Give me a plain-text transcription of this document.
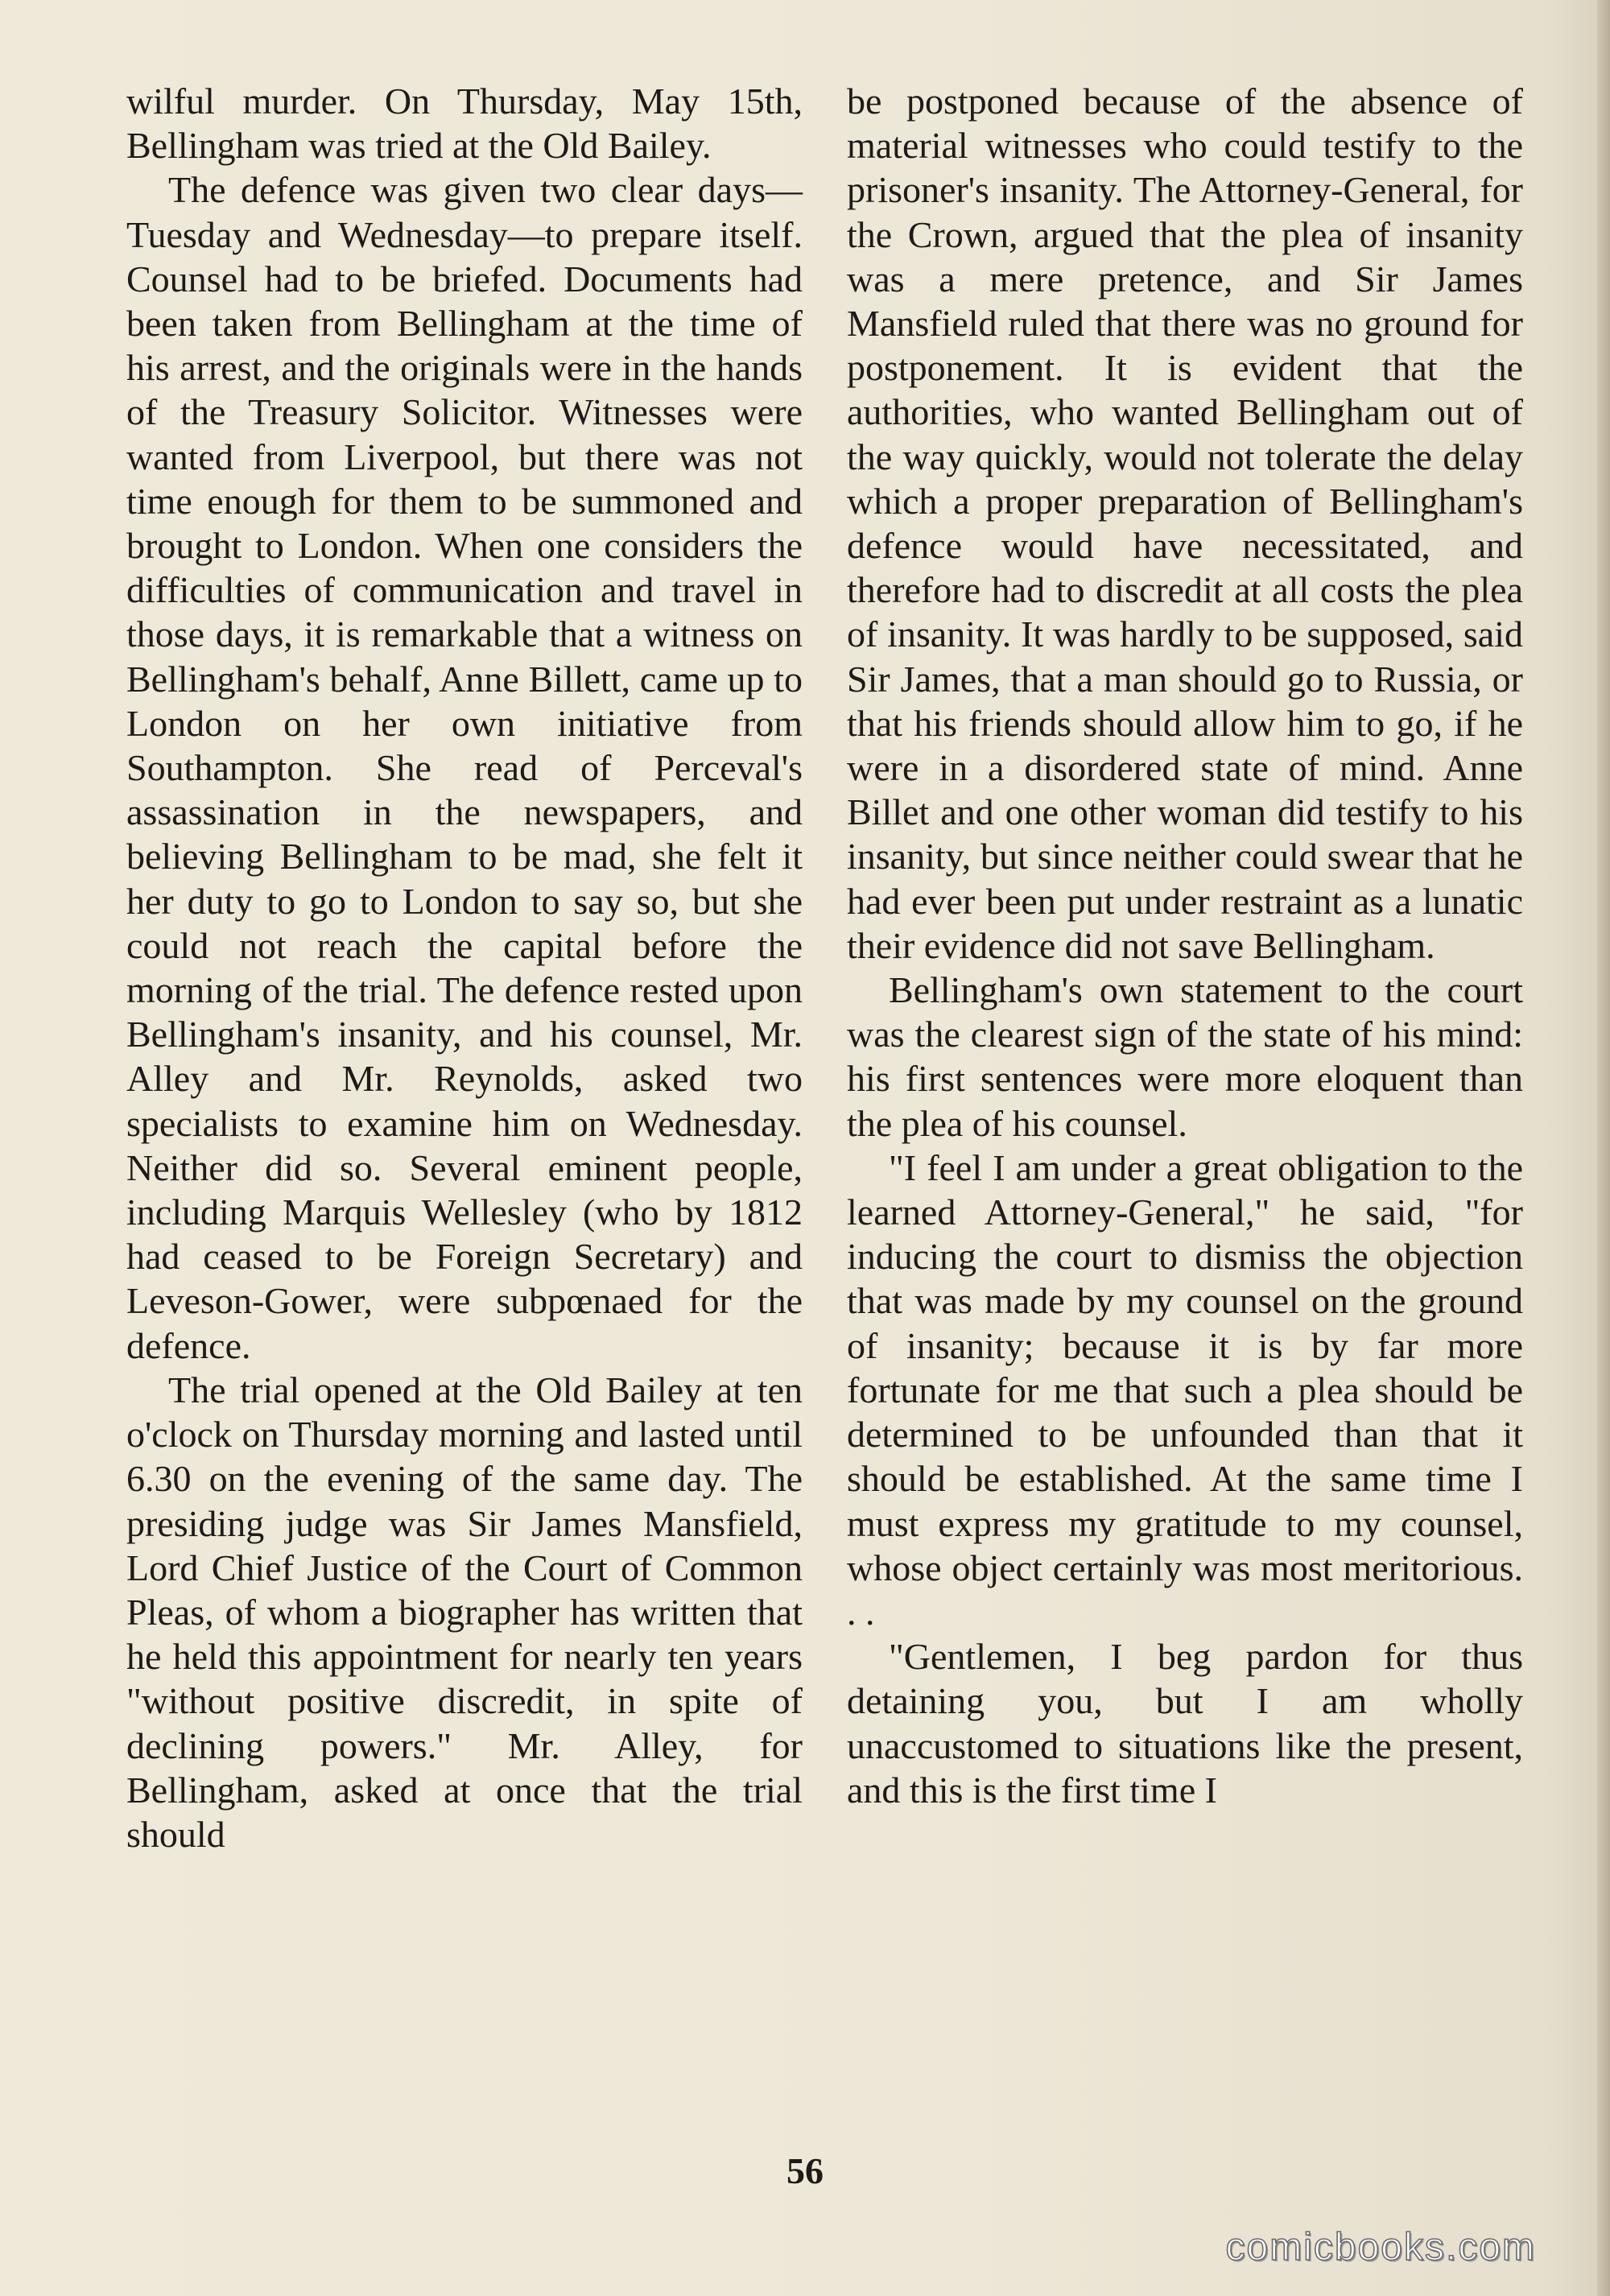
wilful murder. On Thursday, May 15th, Bellingham was tried at the Old Bailey.

The defence was given two clear days—Tuesday and Wednesday—to prepare itself. Counsel had to be briefed. Documents had been taken from Bellingham at the time of his arrest, and the originals were in the hands of the Treasury Solicitor. Witnesses were wanted from Liverpool, but there was not time enough for them to be summoned and brought to London. When one considers the difficulties of communication and travel in those days, it is remarkable that a witness on Bellingham's behalf, Anne Billett, came up to London on her own initiative from Southampton. She read of Perceval's assassination in the newspapers, and believing Bellingham to be mad, she felt it her duty to go to London to say so, but she could not reach the capital before the morning of the trial. The defence rested upon Bellingham's insanity, and his counsel, Mr. Alley and Mr. Reynolds, asked two specialists to examine him on Wednesday. Neither did so. Several eminent people, including Marquis Wellesley (who by 1812 had ceased to be Foreign Secretary) and Leveson-Gower, were subpœnaed for the defence.

The trial opened at the Old Bailey at ten o'clock on Thursday morning and lasted until 6.30 on the evening of the same day. The presiding judge was Sir James Mansfield, Lord Chief Justice of the Court of Common Pleas, of whom a biographer has written that he held this appointment for nearly ten years "without positive discredit, in spite of declining powers." Mr. Alley, for Bellingham, asked at once that the trial should

be postponed because of the absence of material witnesses who could testify to the prisoner's insanity. The Attorney-General, for the Crown, argued that the plea of insanity was a mere pretence, and Sir James Mansfield ruled that there was no ground for postponement. It is evident that the authorities, who wanted Bellingham out of the way quickly, would not tolerate the delay which a proper preparation of Bellingham's defence would have necessitated, and therefore had to discredit at all costs the plea of insanity. It was hardly to be supposed, said Sir James, that a man should go to Russia, or that his friends should allow him to go, if he were in a disordered state of mind. Anne Billet and one other woman did testify to his insanity, but since neither could swear that he had ever been put under restraint as a lunatic their evidence did not save Bellingham.

Bellingham's own statement to the court was the clearest sign of the state of his mind: his first sentences were more eloquent than the plea of his counsel.

"I feel I am under a great obligation to the learned Attorney-General," he said, "for inducing the court to dismiss the objection that was made by my counsel on the ground of insanity; because it is by far more fortunate for me that such a plea should be determined to be unfounded than that it should be established. At the same time I must express my gratitude to my counsel, whose object certainly was most meritorious. . .

"Gentlemen, I beg pardon for thus detaining you, but I am wholly unaccustomed to situations like the present, and this is the first time I

56
comicbooks.com
